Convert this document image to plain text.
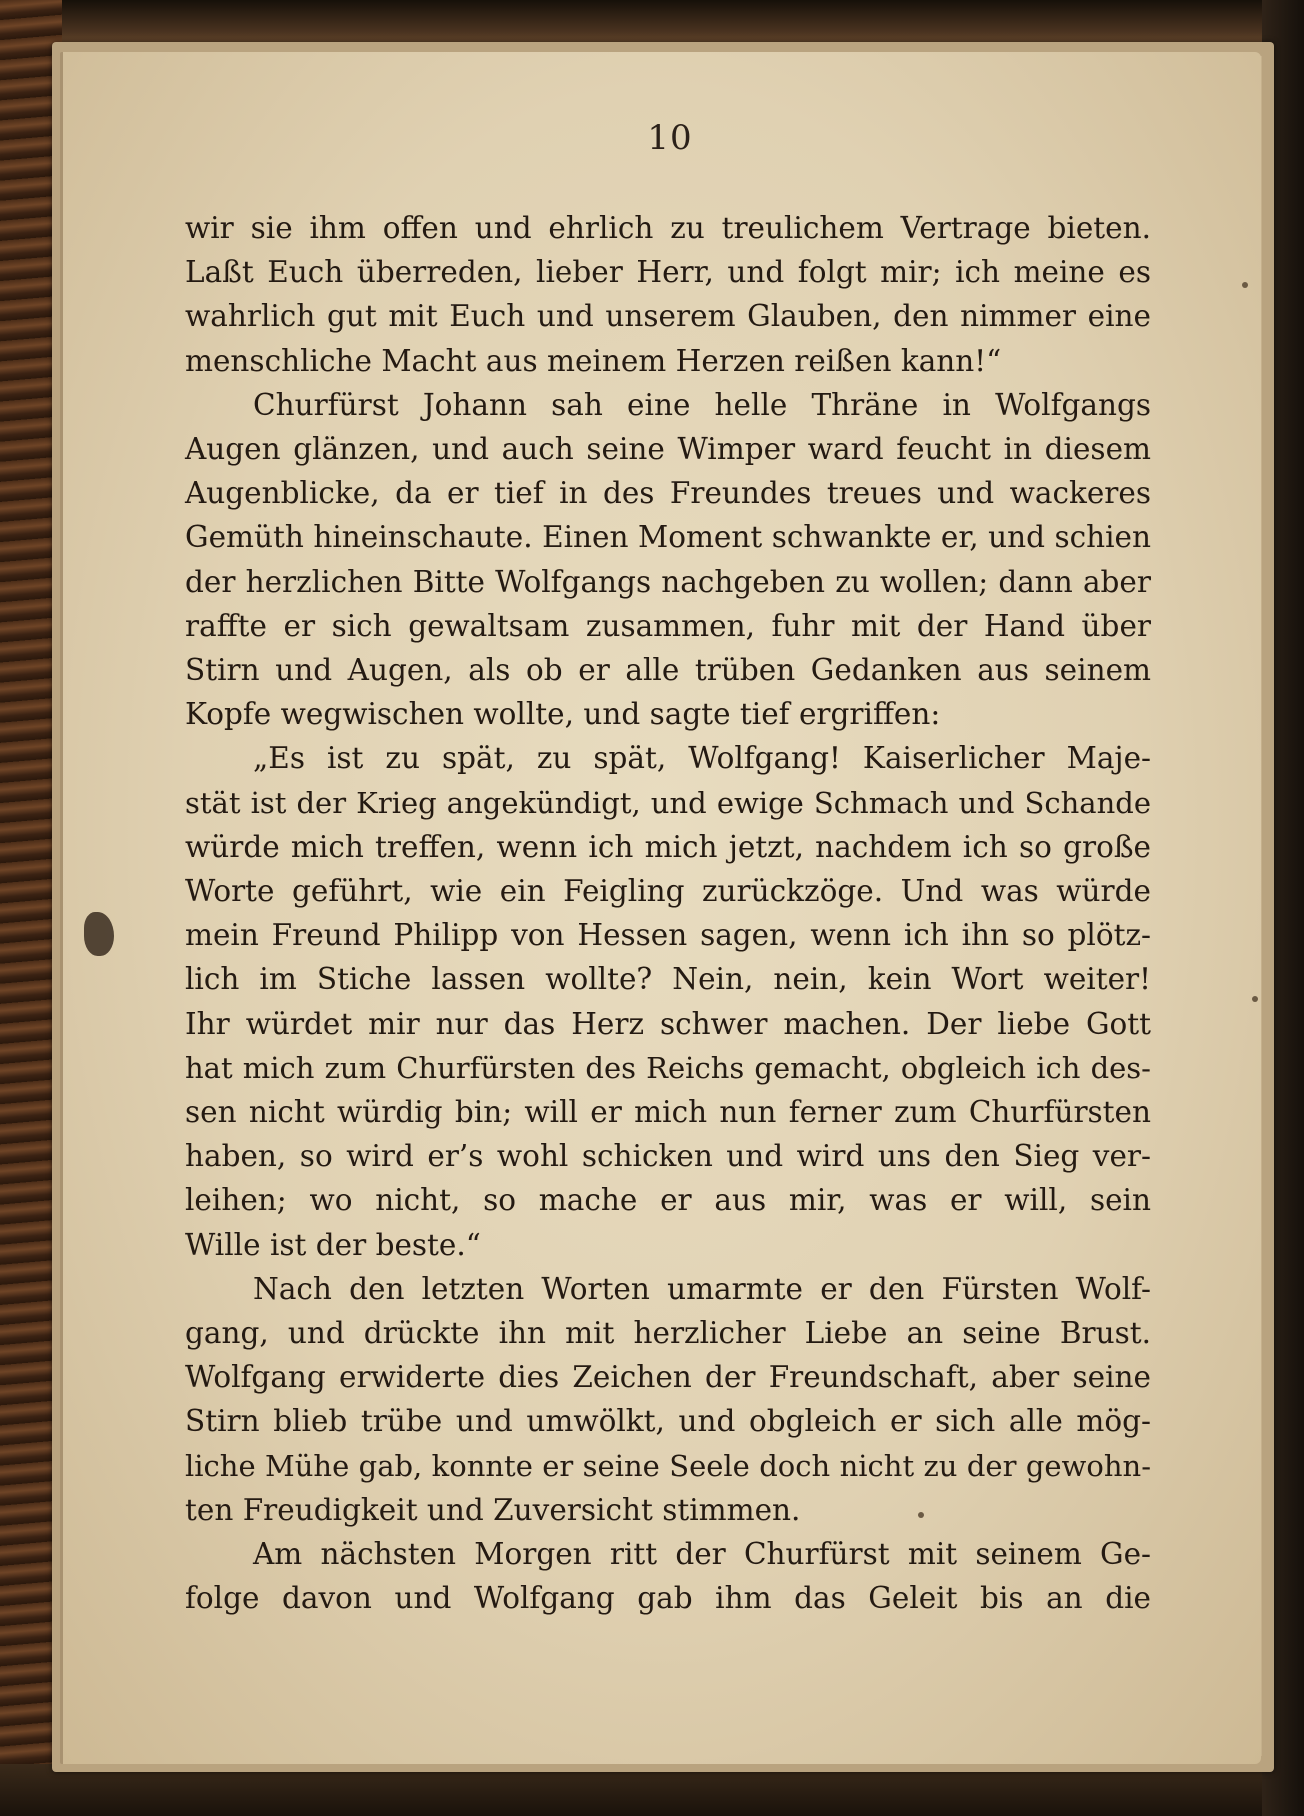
10
wir sie ihm offen und ehrlich zu treulichem Vertrage bieten.
Laßt Euch überreden, lieber Herr, und folgt mir; ich meine es
wahrlich gut mit Euch und unserem Glauben, den nimmer eine
menschliche Macht aus meinem Herzen reißen kann!“
Churfürst Johann sah eine helle Thräne in Wolfgangs
Augen glänzen, und auch seine Wimper ward feucht in diesem
Augenblicke, da er tief in des Freundes treues und wackeres
Gemüth hineinschaute. Einen Moment schwankte er, und schien
der herzlichen Bitte Wolfgangs nachgeben zu wollen; dann aber
raffte er sich gewaltsam zusammen, fuhr mit der Hand über
Stirn und Augen, als ob er alle trüben Gedanken aus seinem
Kopfe wegwischen wollte, und sagte tief ergriffen:
„Es ist zu spät, zu spät, Wolfgang! Kaiserlicher Maje-
stät ist der Krieg angekündigt, und ewige Schmach und Schande
würde mich treffen, wenn ich mich jetzt, nachdem ich so große
Worte geführt, wie ein Feigling zurückzöge. Und was würde
mein Freund Philipp von Hessen sagen, wenn ich ihn so plötz-
lich im Stiche lassen wollte? Nein, nein, kein Wort weiter!
Ihr würdet mir nur das Herz schwer machen. Der liebe Gott
hat mich zum Churfürsten des Reichs gemacht, obgleich ich des-
sen nicht würdig bin; will er mich nun ferner zum Churfürsten
haben, so wird er’s wohl schicken und wird uns den Sieg ver-
leihen; wo nicht, so mache er aus mir, was er will, sein
Wille ist der beste.“
Nach den letzten Worten umarmte er den Fürsten Wolf-
gang, und drückte ihn mit herzlicher Liebe an seine Brust.
Wolfgang erwiderte dies Zeichen der Freundschaft, aber seine
Stirn blieb trübe und umwölkt, und obgleich er sich alle mög-
liche Mühe gab, konnte er seine Seele doch nicht zu der gewohn-
ten Freudigkeit und Zuversicht stimmen.
Am nächsten Morgen ritt der Churfürst mit seinem Ge-
folge davon und Wolfgang gab ihm das Geleit bis an die
